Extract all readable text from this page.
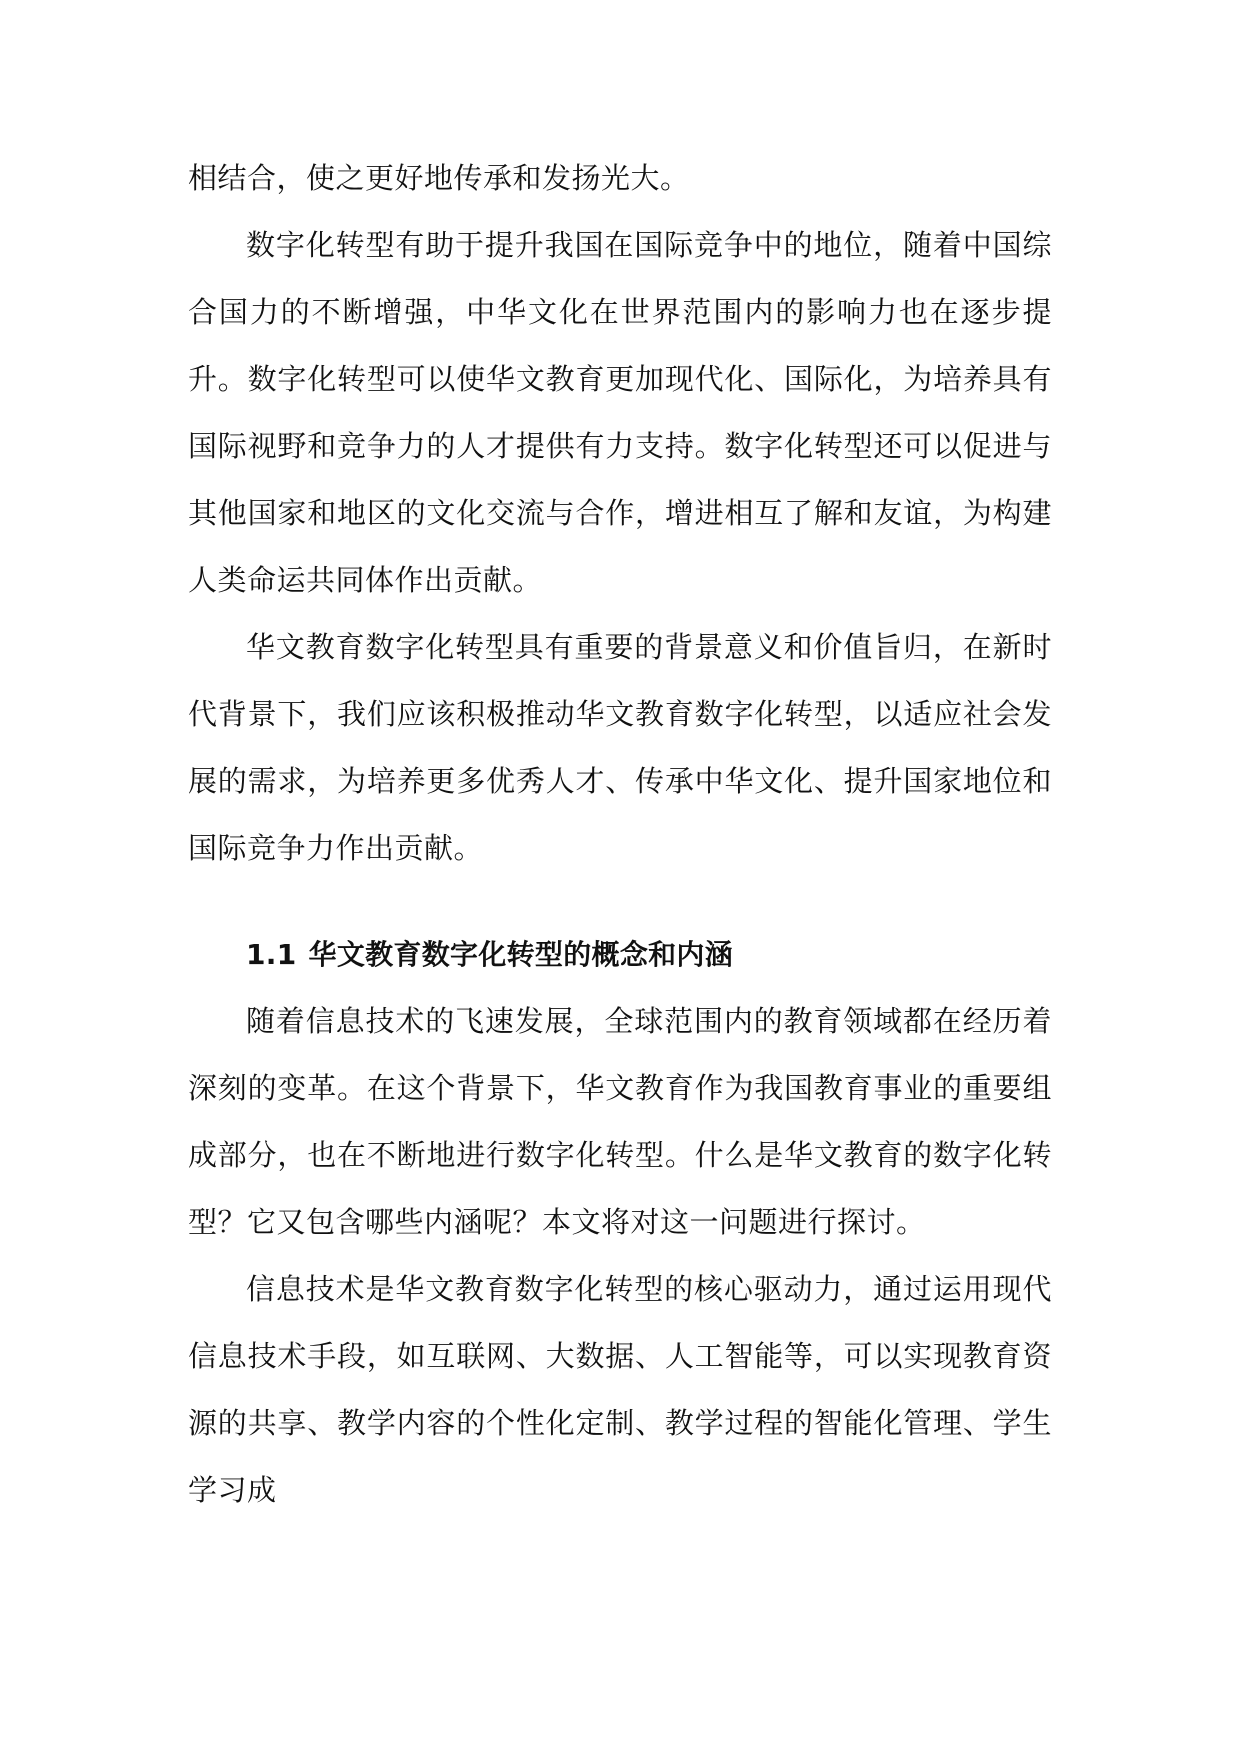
相结合，使之更好地传承和发扬光大。

数字化转型有助于提升我国在国际竞争中的地位，随着中国综合国力的不断增强，中华文化在世界范围内的影响力也在逐步提升。数字化转型可以使华文教育更加现代化、国际化，为培养具有国际视野和竞争力的人才提供有力支持。数字化转型还可以促进与其他国家和地区的文化交流与合作，增进相互了解和友谊，为构建人类命运共同体作出贡献。

华文教育数字化转型具有重要的背景意义和价值旨归，在新时代背景下，我们应该积极推动华文教育数字化转型，以适应社会发展的需求，为培养更多优秀人才、传承中华文化、提升国家地位和国际竞争力作出贡献。

1.1 华文教育数字化转型的概念和内涵

随着信息技术的飞速发展，全球范围内的教育领域都在经历着深刻的变革。在这个背景下，华文教育作为我国教育事业的重要组成部分，也在不断地进行数字化转型。什么是华文教育的数字化转型？它又包含哪些内涵呢？本文将对这一问题进行探讨。

信息技术是华文教育数字化转型的核心驱动力，通过运用现代信息技术手段，如互联网、大数据、人工智能等，可以实现教育资源的共享、教学内容的个性化定制、教学过程的智能化管理、学生学习成
